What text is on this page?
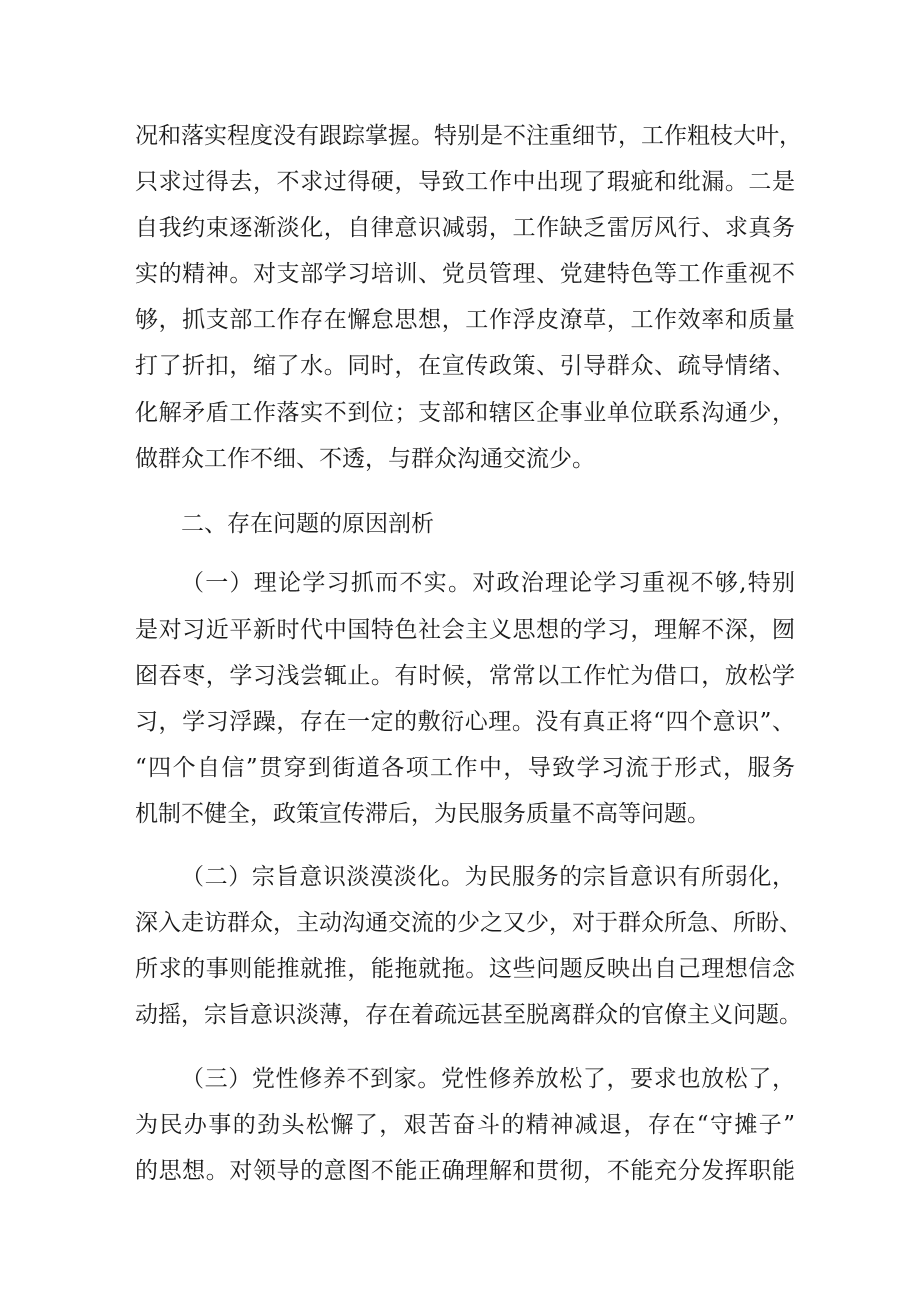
况和落实程度没有跟踪掌握。特别是不注重细节，工作粗枝大叶，
只求过得去，不求过得硬，导致工作中出现了瑕疵和纰漏。二是
自我约束逐渐淡化，自律意识减弱，工作缺乏雷厉风行、求真务
实的精神。对支部学习培训、党员管理、党建特色等工作重视不
够，抓支部工作存在懈怠思想，工作浮皮潦草，工作效率和质量
打了折扣，缩了水。同时，在宣传政策、引导群众、疏导情绪、
化解矛盾工作落实不到位；支部和辖区企事业单位联系沟通少，
做群众工作不细、不透，与群众沟通交流少。
二、存在问题的原因剖析
（一）理论学习抓而不实。对政治理论学习重视不够,特别
是对习近平新时代中国特色社会主义思想的学习，理解不深，囫
囵吞枣，学习浅尝辄止。有时候，常常以工作忙为借口，放松学
习，学习浮躁，存在一定的敷衍心理。没有真正将“四个意识”、
“四个自信”贯穿到街道各项工作中，导致学习流于形式，服务
机制不健全，政策宣传滞后，为民服务质量不高等问题。
（二）宗旨意识淡漠淡化。为民服务的宗旨意识有所弱化，
深入走访群众，主动沟通交流的少之又少，对于群众所急、所盼、
所求的事则能推就推，能拖就拖。这些问题反映出自己理想信念
动摇，宗旨意识淡薄，存在着疏远甚至脱离群众的官僚主义问题。
（三）党性修养不到家。党性修养放松了，要求也放松了，
为民办事的劲头松懈了，艰苦奋斗的精神减退，存在“守摊子”
的思想。对领导的意图不能正确理解和贯彻，不能充分发挥职能
